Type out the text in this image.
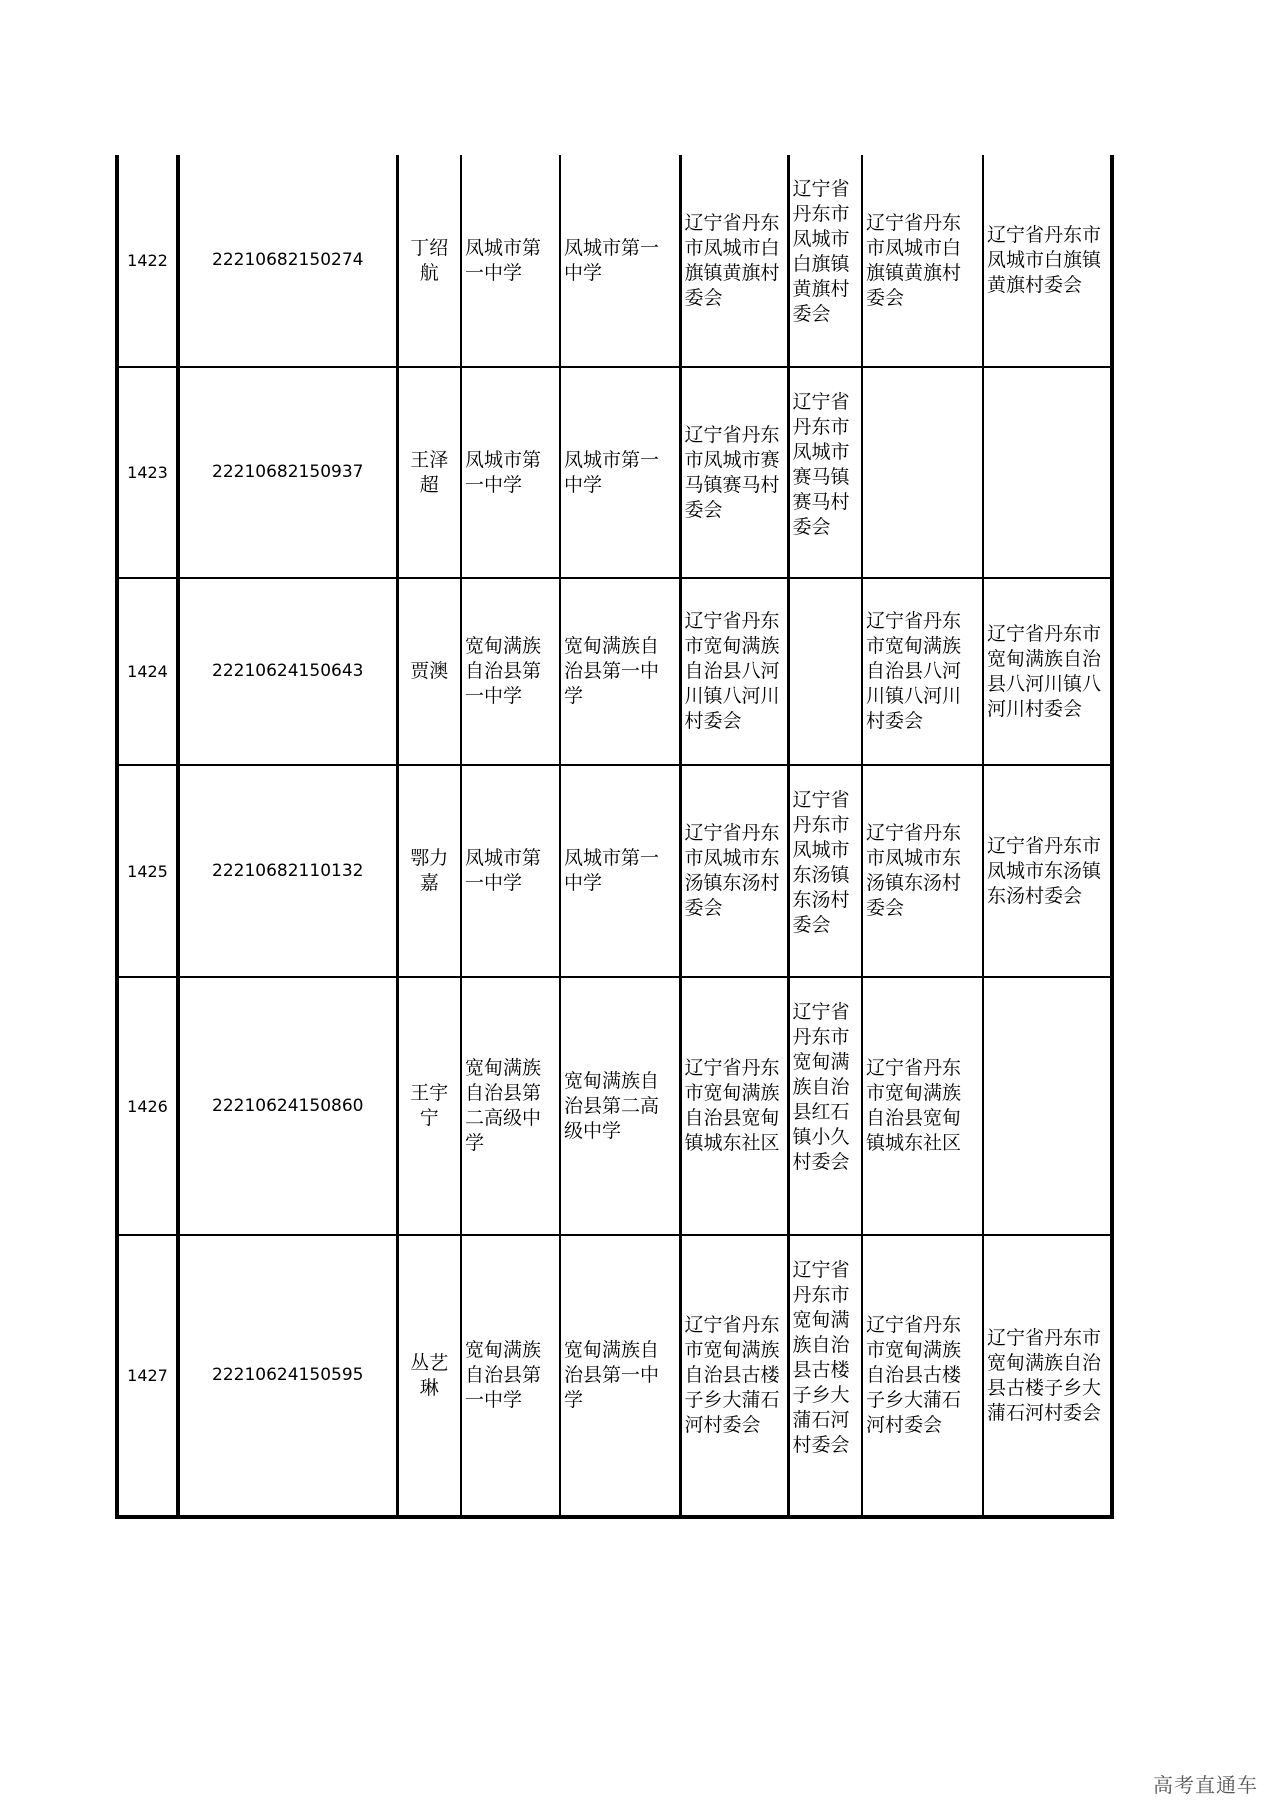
1422	22210682150274	丁绍航	凤城市第一中学	凤城市第一中学	辽宁省丹东市凤城市白旗镇黄旗村委会	辽宁省丹东市凤城市白旗镇黄旗村委会	辽宁省丹东市凤城市白旗镇黄旗村委会	辽宁省丹东市凤城市白旗镇黄旗村委会
1423	22210682150937	王泽超	凤城市第一中学	凤城市第一中学	辽宁省丹东市凤城市赛马镇赛马村委会	辽宁省丹东市凤城市赛马镇赛马村委会		
1424	22210624150643	贾澳	宽甸满族自治县第一中学	宽甸满族自治县第一中学	辽宁省丹东市宽甸满族自治县八河川镇八河川村委会		辽宁省丹东市宽甸满族自治县八河川镇八河川村委会	辽宁省丹东市宽甸满族自治县八河川镇八河川村委会
1425	22210682110132	鄂力嘉	凤城市第一中学	凤城市第一中学	辽宁省丹东市凤城市东汤镇东汤村委会	辽宁省丹东市凤城市东汤镇东汤村委会	辽宁省丹东市凤城市东汤镇东汤村委会	辽宁省丹东市凤城市东汤镇东汤村委会
1426	22210624150860	王宇宁	宽甸满族自治县第二高级中学	宽甸满族自治县第二高级中学	辽宁省丹东市宽甸满族自治县宽甸镇城东社区	辽宁省丹东市宽甸满族自治县红石镇小久村委会	辽宁省丹东市宽甸满族自治县宽甸镇城东社区	
1427	22210624150595	丛艺琳	宽甸满族自治县第一中学	宽甸满族自治县第一中学	辽宁省丹东市宽甸满族自治县古楼子乡大蒲石河村委会	辽宁省丹东市宽甸满族自治县古楼子乡大蒲石河村委会	辽宁省丹东市宽甸满族自治县古楼子乡大蒲石河村委会	辽宁省丹东市宽甸满族自治县古楼子乡大蒲石河村委会
高考直通车
